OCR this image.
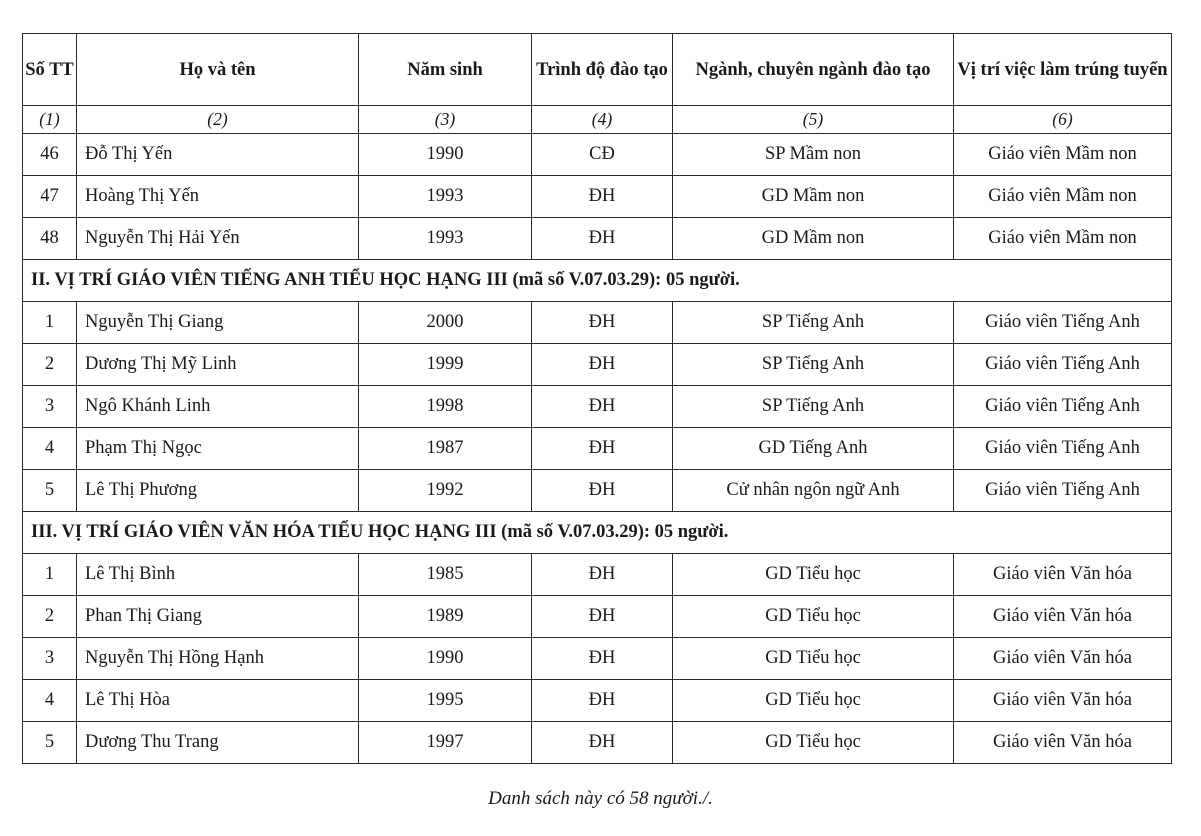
Số TT	Họ và tên	Năm sinh	Trình độ đào tạo	Ngành, chuyên ngành đào tạo	Vị trí việc làm trúng tuyển
(1)	(2)	(3)	(4)	(5)	(6)
46	Đỗ Thị Yến	1990	CĐ	SP Mầm non	Giáo viên Mầm non
47	Hoàng Thị Yến	1993	ĐH	GD Mầm non	Giáo viên Mầm non
48	Nguyễn Thị Hải Yến	1993	ĐH	GD Mầm non	Giáo viên Mầm non
II. VỊ TRÍ GIÁO VIÊN TIẾNG ANH TIỂU HỌC HẠNG III (mã số V.07.03.29): 05 người.					
1	Nguyễn Thị Giang	2000	ĐH	SP Tiếng Anh	Giáo viên Tiếng Anh
2	Dương Thị Mỹ Linh	1999	ĐH	SP Tiếng Anh	Giáo viên Tiếng Anh
3	Ngô Khánh Linh	1998	ĐH	SP Tiếng Anh	Giáo viên Tiếng Anh
4	Phạm Thị Ngọc	1987	ĐH	GD Tiếng Anh	Giáo viên Tiếng Anh
5	Lê Thị Phương	1992	ĐH	Cử nhân ngôn ngữ Anh	Giáo viên Tiếng Anh
III. VỊ TRÍ GIÁO VIÊN VĂN HÓA TIỂU HỌC HẠNG III (mã số V.07.03.29): 05 người.					
1	Lê Thị Bình	1985	ĐH	GD Tiểu học	Giáo viên Văn hóa
2	Phan Thị Giang	1989	ĐH	GD Tiểu học	Giáo viên Văn hóa
3	Nguyễn Thị Hồng Hạnh	1990	ĐH	GD Tiểu học	Giáo viên Văn hóa
4	Lê Thị Hòa	1995	ĐH	GD Tiểu học	Giáo viên Văn hóa
5	Dương Thu Trang	1997	ĐH	GD Tiểu học	Giáo viên Văn hóa
Danh sách này có 58 người./.
